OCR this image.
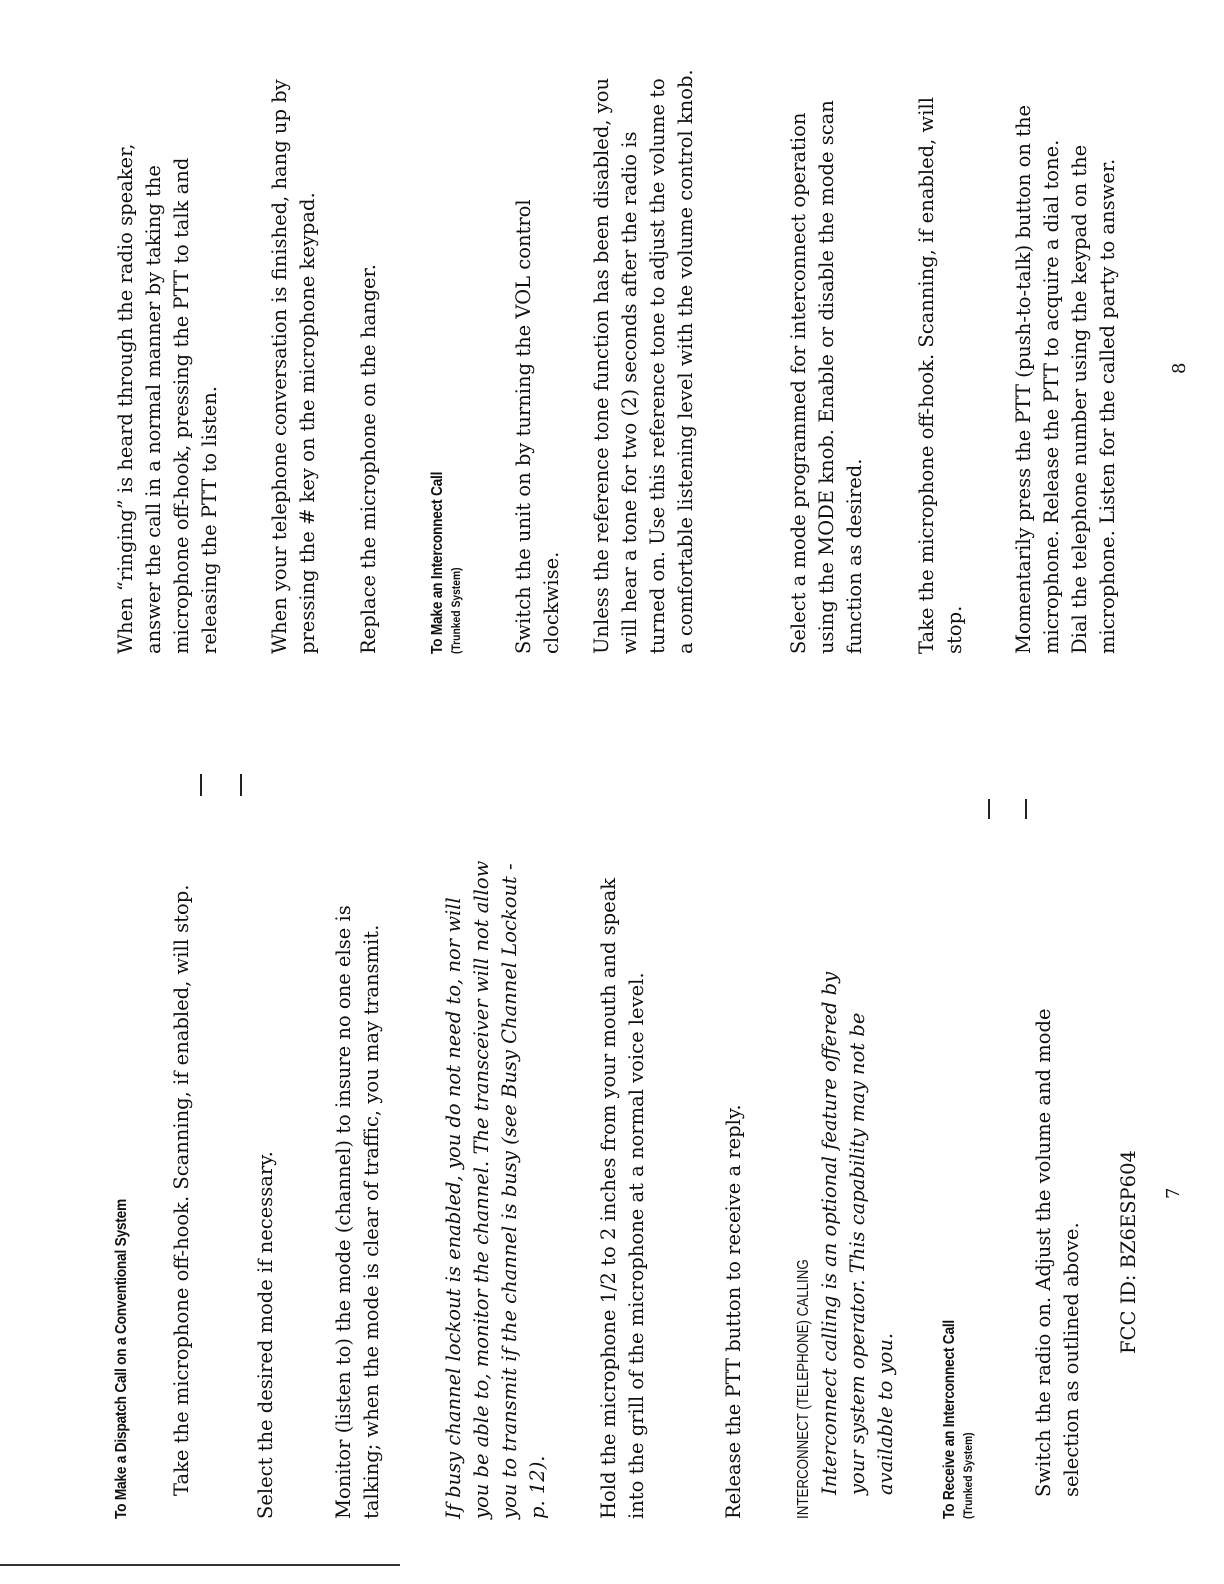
To Make a Dispatch Call on a Conventional System	Take the microphone off-hook. Scanning, if enabled, will stop.	Select the desired mode if necessary.	Monitor (listen to) the mode (channel) to insure no one else is talking; when the mode is clear of traffic, you may transmit.	If busy channel lockout is enabled, you do not need to, nor will you be able to, monitor the channel. The transceiver will not allow you to transmit if the channel is busy (see Busy Channel Lockout - p. 12). Hold the microphone 1/2 to 2 inches from your mouth and speak into the grill of the microphone at a normal voice level.	Release the PTT button to receive a reply.	INTERCONNECT (TELEPHONE) CALLING Interconnect calling is an optional feature offered by your system operator. This capability may not be available to you.	To Receive an Interconnect Call (Trunked System)	Switch the radio on. Adjust the volume and mode selection as outlined above. FCC ID: BZ6ESP604 7

When “ringing” is heard through the radio speaker, answer the call in a normal manner by taking the microphone off-hook, pressing the PTT to talk and releasing the PTT to listen. When your telephone conversation is finished, hang up by pressing the # key on the microphone keypad. Replace the microphone on the hanger.	To Make an Interconnect Call (Trunked System)	Switch the unit on by turning the VOL control clockwise. Unless the reference tone function has been disabled, you will hear a tone for two (2) seconds after the radio is turned on. Use this reference tone to adjust the volume to a comfortable listening level with the volume control knob.	Select a mode programmed for interconnect operation using the MODE knob. Enable or disable the mode scan function as desired.	Take the microphone off-hook. Scanning, if enabled, will stop. Momentarily press the PTT (push-to-talk) button on the microphone. Release the PTT to acquire a dial tone. Dial the telephone number using the keypad on the microphone. Listen for the called party to answer.	8
